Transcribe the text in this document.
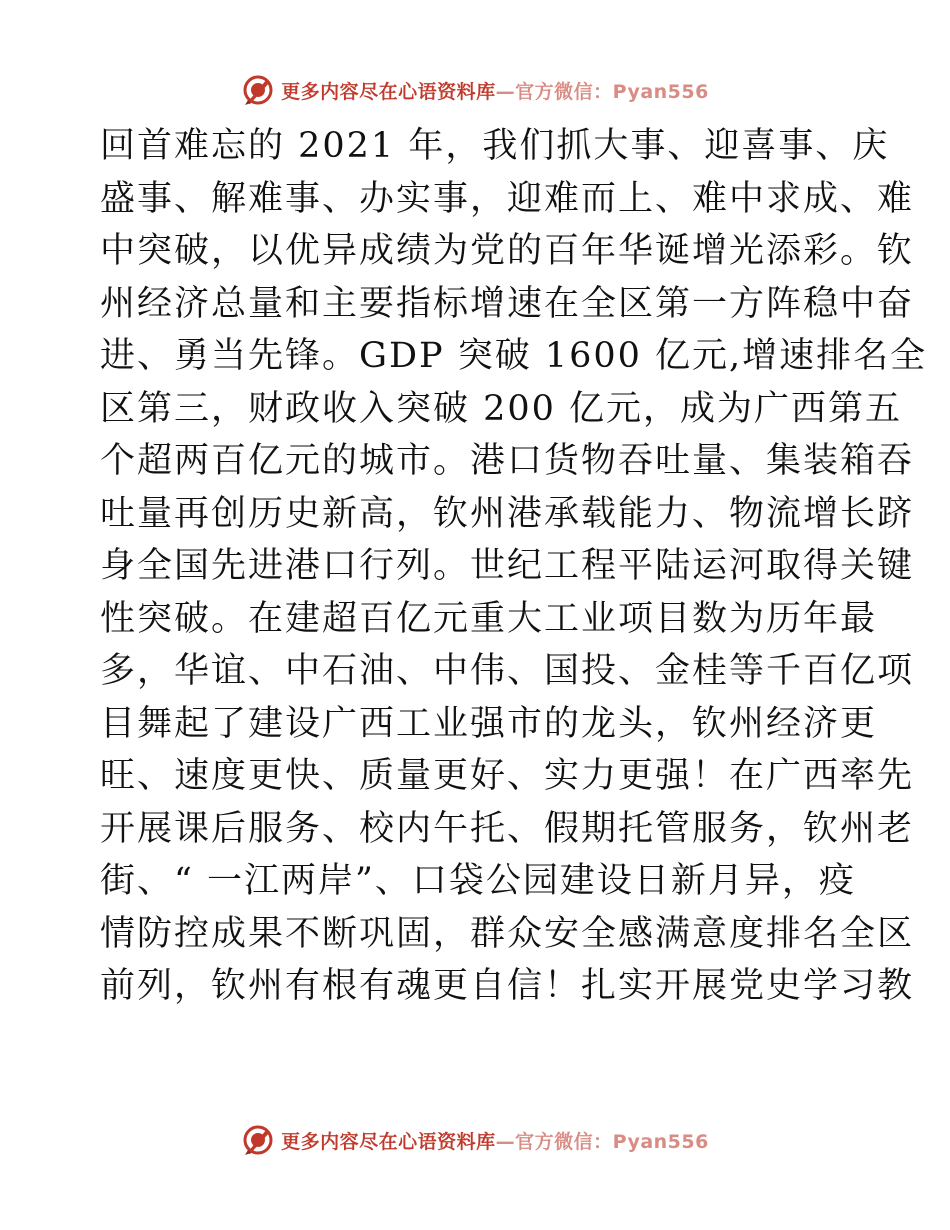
更多内容尽在心语资料库—官方微信：Pyan556
回首难忘的 2021 年，我们抓大事、迎喜事、庆
盛事、解难事、办实事，迎难而上、难中求成、难
中突破，以优异成绩为党的百年华诞增光添彩。钦
州经济总量和主要指标增速在全区第一方阵稳中奋
进、勇当先锋。GDP 突破 1600 亿元,增速排名全
区第三，财政收入突破 200 亿元，成为广西第五
个超两百亿元的城市。港口货物吞吐量、集装箱吞
吐量再创历史新高，钦州港承载能力、物流增长跻
身全国先进港口行列。世纪工程平陆运河取得关键
性突破。在建超百亿元重大工业项目数为历年最
多，华谊、中石油、中伟、国投、金桂等千百亿项
目舞起了建设广西工业强市的龙头，钦州经济更
旺、速度更快、质量更好、实力更强！在广西率先
开展课后服务、校内午托、假期托管服务，钦州老
街、“ 一江两岸”、口袋公园建设日新月异，疫
情防控成果不断巩固，群众安全感满意度排名全区
前列，钦州有根有魂更自信！扎实开展党史学习教
更多内容尽在心语资料库—官方微信：Pyan556
